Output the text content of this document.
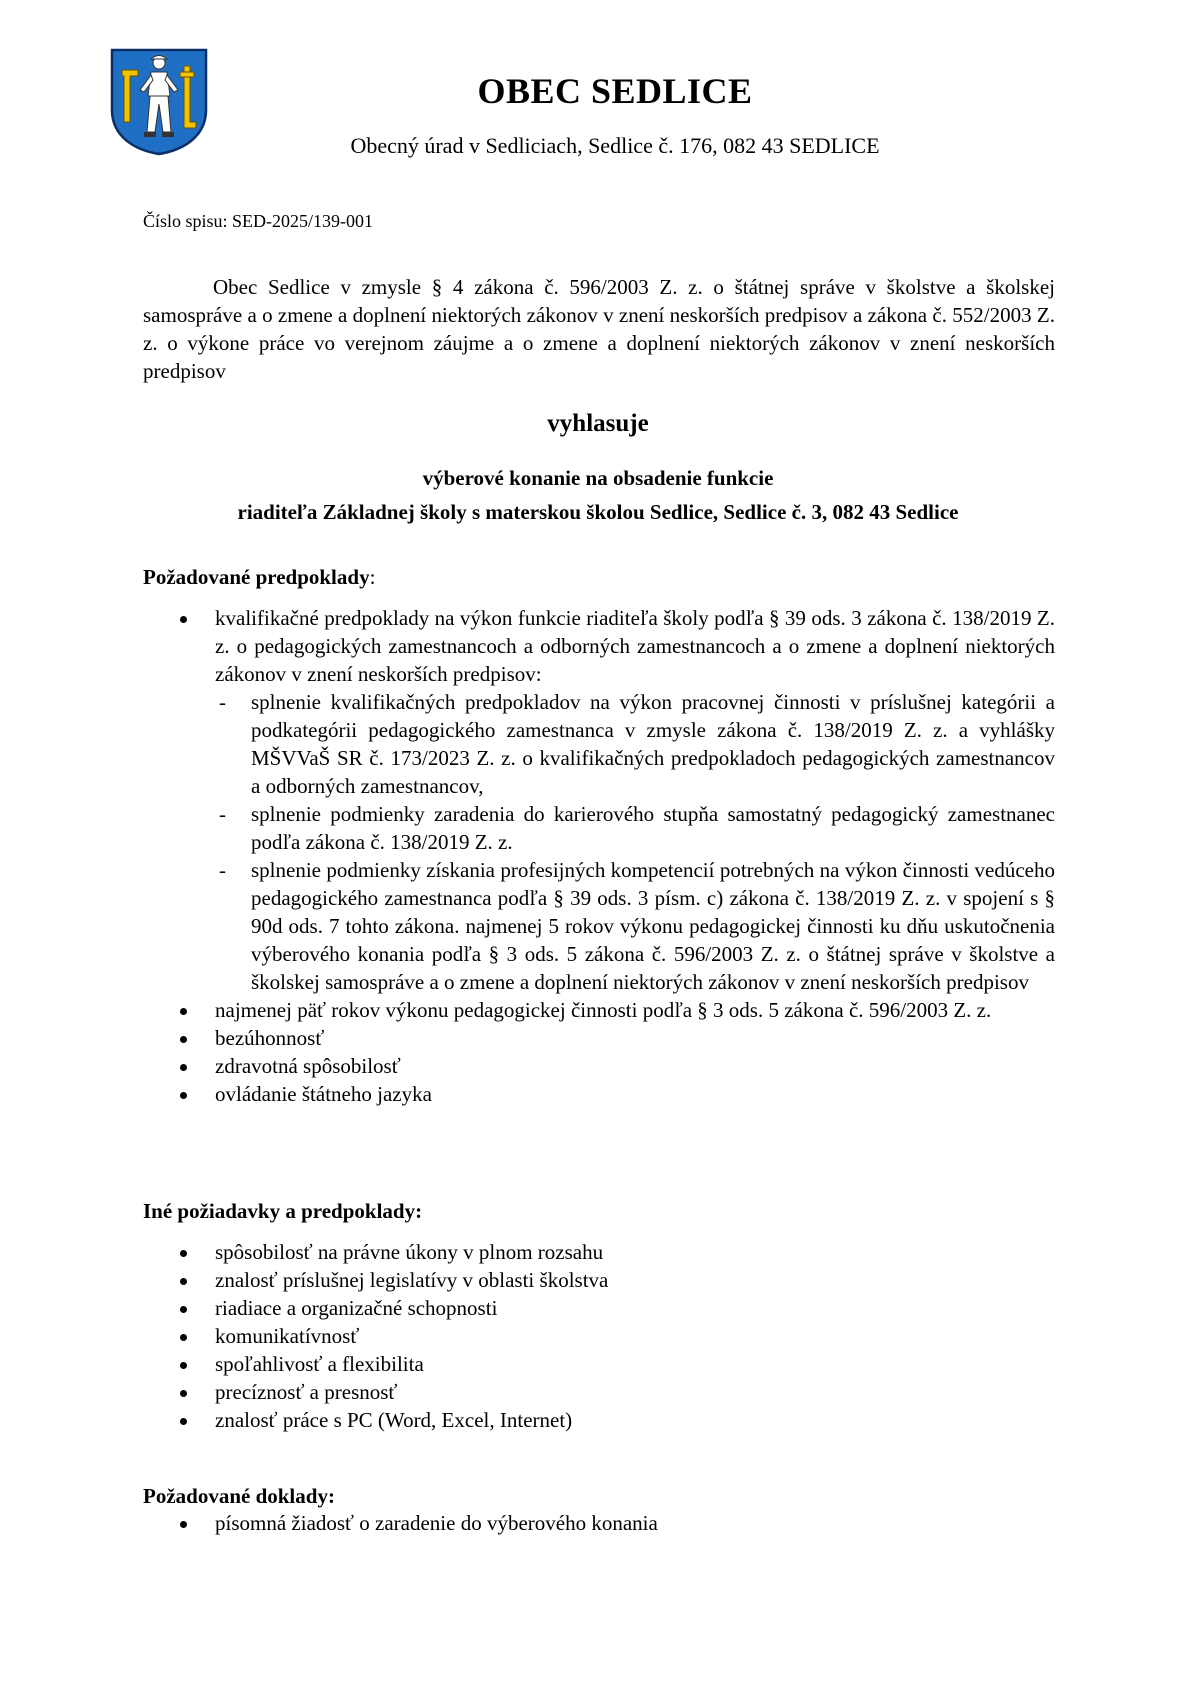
OBEC SEDLICE
Obecný úrad v Sedliciach, Sedlice č. 176, 082 43 SEDLICE
Číslo spisu: SED-2025/139-001
Obec Sedlice v zmysle § 4 zákona č. 596/2003 Z. z. o štátnej správe v školstve a školskej samospráve a o zmene a doplnení niektorých zákonov v znení neskorších predpisov a zákona č. 552/2003 Z. z. o výkone práce vo verejnom záujme a o zmene a doplnení niektorých zákonov v znení neskorších predpisov
vyhlasuje
výberové konanie na obsadenie funkcie
riaditeľa Základnej školy s materskou školou Sedlice, Sedlice č. 3, 082 43 Sedlice
Požadované predpoklady:
kvalifikačné predpoklady na výkon funkcie riaditeľa školy podľa § 39 ods. 3 zákona č. 138/2019 Z. z. o pedagogických zamestnancoch a odborných zamestnancoch a o zmene a doplnení niektorých zákonov v znení neskorších predpisov:
- splnenie kvalifikačných predpokladov na výkon pracovnej činnosti v príslušnej kategórii a podkategórii pedagogického zamestnanca v zmysle zákona č. 138/2019 Z. z. a vyhlášky MŠVVaŠ SR č. 173/2023 Z. z. o kvalifikačných predpokladoch pedagogických zamestnancov a odborných zamestnancov,
- splnenie podmienky zaradenia do karierového stupňa samostatný pedagogický zamestnanec podľa zákona č. 138/2019 Z. z.
- splnenie podmienky získania profesijných kompetencií potrebných na výkon činnosti vedúceho pedagogického zamestnanca podľa § 39 ods. 3 písm. c) zákona č. 138/2019 Z. z. v spojení s § 90d ods. 7 tohto zákona. najmenej 5 rokov výkonu pedagogickej činnosti ku dňu uskutočnenia výberového konania podľa § 3 ods. 5 zákona č. 596/2003 Z. z. o štátnej správe v školstve a školskej samospráve a o zmene a doplnení niektorých zákonov v znení neskorších predpisov
najmenej päť rokov výkonu pedagogickej činnosti podľa § 3 ods. 5 zákona č. 596/2003 Z. z.
bezúhonnosť
zdravotná spôsobilosť
ovládanie štátneho jazyka
Iné požiadavky a predpoklady:
spôsobilosť na právne úkony v plnom rozsahu
znalosť príslušnej legislatívy v oblasti školstva
riadiace a organizačné schopnosti
komunikatívnosť
spoľahlivosť a flexibilita
precíznosť a presnosť
znalosť práce s PC (Word, Excel, Internet)
Požadované doklady:
písomná žiadosť o zaradenie do výberového konania
